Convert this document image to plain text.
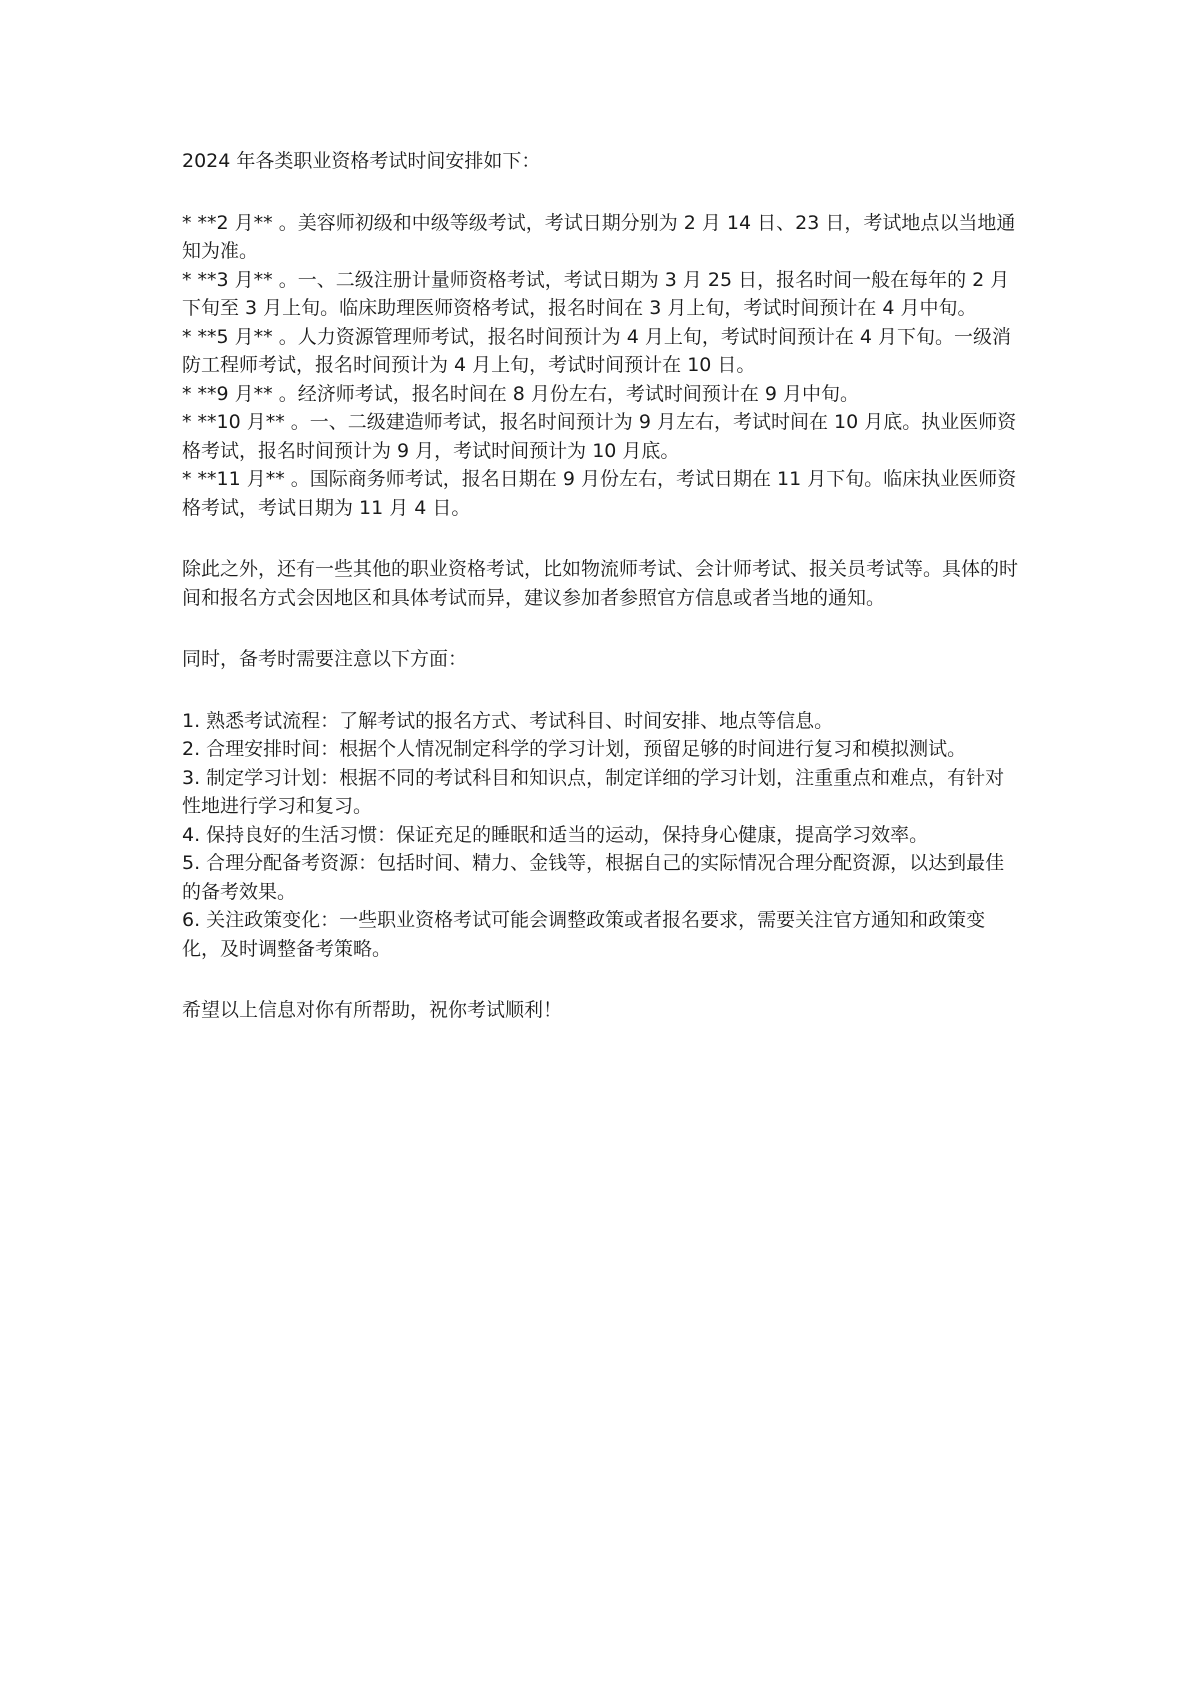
2024 年各类职业资格考试时间安排如下：

* **2 月** 。美容师初级和中级等级考试，考试日期分别为 2 月 14 日、23 日，考试地点以当地通知为准。

* **3 月** 。一、二级注册计量师资格考试，考试日期为 3 月 25 日，报名时间一般在每年的 2 月下旬至 3 月上旬。临床助理医师资格考试，报名时间在 3 月上旬，考试时间预计在 4 月中旬。

* **5 月** 。人力资源管理师考试，报名时间预计为 4 月上旬，考试时间预计在 4 月下旬。一级消防工程师考试，报名时间预计为 4 月上旬，考试时间预计在 10 日。

* **9 月** 。经济师考试，报名时间在 8 月份左右，考试时间预计在 9 月中旬。

* **10 月** 。一、二级建造师考试，报名时间预计为 9 月左右，考试时间在 10 月底。执业医师资格考试，报名时间预计为 9 月，考试时间预计为 10 月底。

* **11 月** 。国际商务师考试，报名日期在 9 月份左右，考试日期在 11 月下旬。临床执业医师资格考试，考试日期为 11 月 4 日。

除此之外，还有一些其他的职业资格考试，比如物流师考试、会计师考试、报关员考试等。具体的时间和报名方式会因地区和具体考试而异，建议参加者参照官方信息或者当地的通知。

同时，备考时需要注意以下方面：

1. 熟悉考试流程：了解考试的报名方式、考试科目、时间安排、地点等信息。

2. 合理安排时间：根据个人情况制定科学的学习计划，预留足够的时间进行复习和模拟测试。

3. 制定学习计划：根据不同的考试科目和知识点，制定详细的学习计划，注重重点和难点，有针对性地进行学习和复习。

4. 保持良好的生活习惯：保证充足的睡眠和适当的运动，保持身心健康，提高学习效率。

5. 合理分配备考资源：包括时间、精力、金钱等，根据自己的实际情况合理分配资源，以达到最佳的备考效果。

6. 关注政策变化：一些职业资格考试可能会调整政策或者报名要求，需要关注官方通知和政策变化，及时调整备考策略。

希望以上信息对你有所帮助，祝你考试顺利！
